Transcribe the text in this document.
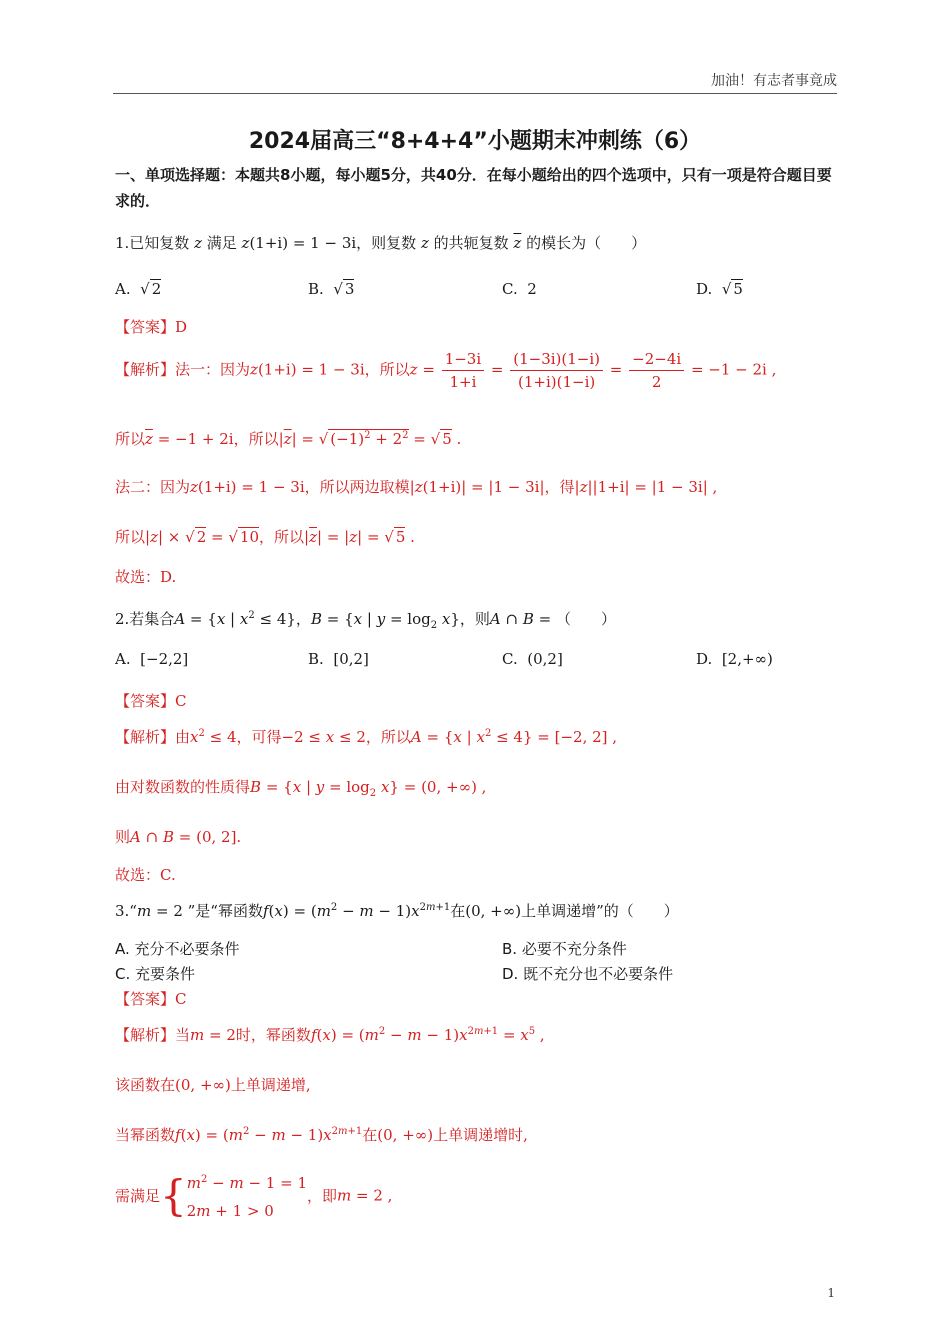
加油！有志者事竟成
2024届高三“8+4+4”小题期末冲刺练（6）
一、单项选择题：本题共8小题，每小题5分，共40分．在每小题给出的四个选项中，只有一项是符合题目要求的．
1.已知复数 z 满足 z(1+i) = 1 − 3i，则复数 z 的共轭复数 $\overline{z}$ 的模长为（　　）
A. √ 2	B. √ 3	C. 2	D. √ 5
【答案】D
【解析】法一：因为z(1+i) = 1 − 3i，所以$z = \frac{1-3i}{1+i} = \frac{(1-3i)(1-i)}{(1+i)(1-i)} = \frac{-2-4i}{2} = -1 - 2i$ ,
所以$\overline{z} = -1 + 2i$，所以$|\overline{z}|$ = √ $(-1)^2 + 2^2$ = √ 5 .
法二：因为z(1+i) = 1 − 3i，所以两边取模|z(1+i)| = |1 − 3i|，得|z||1+i| = |1 − 3i| ,
所以|z| × √ 2 = √ 10，所以$|\overline{z}| = |z|$ = √ 5 .
故选：D.
2.若集合A = {x | $x^2 \le 4$}，B = {x | $y = \log_2 x$}，则A ∩ B = （　　）
A. [−2,2]	B. [0,2]	C. (0,2]	D. [2,+∞)
【答案】C
【解析】由$x^2 \le 4$，可得−2 ≤ x ≤ 2，所以A = {x | $x^2 \le 4\} = [-2$, 2] ,
由对数函数的性质得B = {x | $y = \log_2 x\} = (0$, +∞) ,
则A ∩ B = (0, 2].
故选：C.
3.“m = 2 ”是“幂函数$f(x) = (m^2 - m - 1)x^{2m+1}$在(0, +∞)上单调递增”的（　　）
A. 充分不必要条件	B. 必要不充分条件
C. 充要条件	D. 既不充分也不必要条件
【答案】C
【解析】当m = 2时，幂函数$f(x) = (m^2 - m - 1)x^{2m+1} = x^5$ ,
该函数在(0, +∞)上单调递增,
当幂函数$f(x) = (m^2 - m - 1)x^{2m+1}$在(0, +∞)上单调递增时,
需满足{ $m^2 - m - 1 = 1$
2m + 1 > 0
，即m = 2 ,
1
